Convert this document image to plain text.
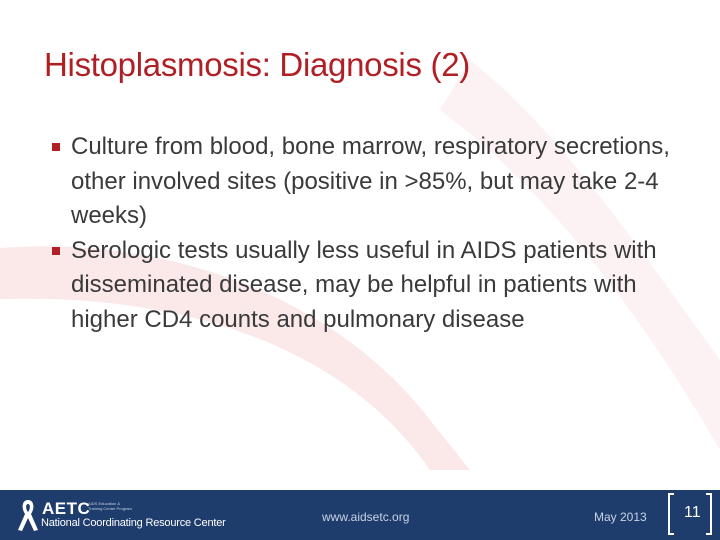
Histoplasmosis: Diagnosis (2)
Culture from blood, bone marrow, respiratory secretions, other involved sites (positive in >85%, but may take 2-4 weeks)
Serologic tests usually less useful in AIDS patients with disseminated disease, may be helpful in patients with higher CD4 counts and pulmonary disease
AETC
AIDS Education &
Training Center Program
National Coordinating Resource Center	www.aidsetc.org	May 2013 11
